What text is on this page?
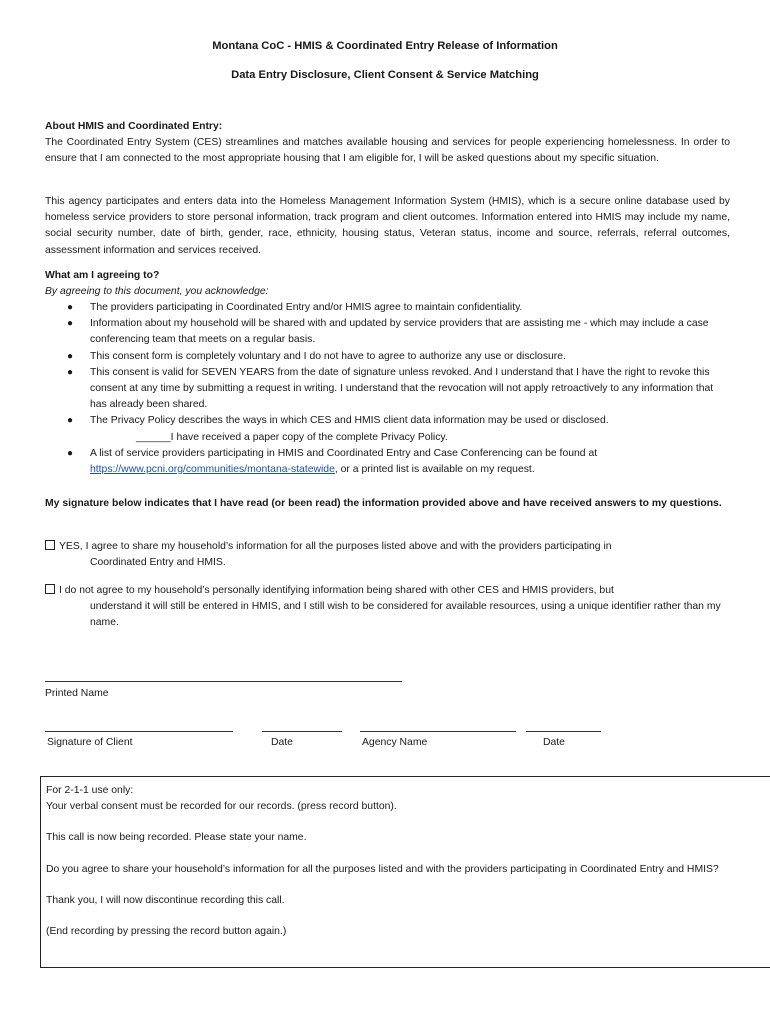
Montana CoC - HMIS & Coordinated Entry Release of Information
Data Entry Disclosure, Client Consent & Service Matching
About HMIS and Coordinated Entry:
The Coordinated Entry System (CES) streamlines and matches available housing and services for people experiencing homelessness. In order to ensure that I am connected to the most appropriate housing that I am eligible for, I will be asked questions about my specific situation.
This agency participates and enters data into the Homeless Management Information System (HMIS), which is a secure online database used by homeless service providers to store personal information, track program and client outcomes. Information entered into HMIS may include my name, social security number, date of birth, gender, race, ethnicity, housing status, Veteran status, income and source, referrals, referral outcomes, assessment information and services received.
What am I agreeing to?
By agreeing to this document, you acknowledge:
● The providers participating in Coordinated Entry and/or HMIS agree to maintain confidentiality.
● Information about my household will be shared with and updated by service providers that are assisting me - which may include a case conferencing team that meets on a regular basis.
● This consent form is completely voluntary and I do not have to agree to authorize any use or disclosure.
● This consent is valid for SEVEN YEARS from the date of signature unless revoked. And I understand that I have the right to revoke this consent at any time by submitting a request in writing. I understand that the revocation will not apply retroactively to any information that has already been shared.
● The Privacy Policy describes the ways in which CES and HMIS client data information may be used or disclosed.
______I have received a paper copy of the complete Privacy Policy.
● A list of service providers participating in HMIS and Coordinated Entry and Case Conferencing can be found at
https://www.pcni.org/communities/montana-statewide, or a printed list is available on my request.
My signature below indicates that I have read (or been read) the information provided above and have received answers to my questions.
YES, I agree to share my household’s information for all the purposes listed above and with the providers participating in
Coordinated Entry and HMIS.
I do not agree to my household’s personally identifying information being shared with other CES and HMIS providers, but
understand it will still be entered in HMIS, and I still wish to be considered for available resources, using a unique identifier rather than my name.
Printed Name
Signature of Client	Date	Agency Name	Date

For 2-1-1 use only:

Your verbal consent must be recorded for our records. (press record button).

This call is now being recorded. Please state your name.

Do you agree to share your household’s information for all the purposes listed and with the providers participating in Coordinated Entry and HMIS?

Thank you, I will now discontinue recording this call.

(End recording by pressing the record button again.)
